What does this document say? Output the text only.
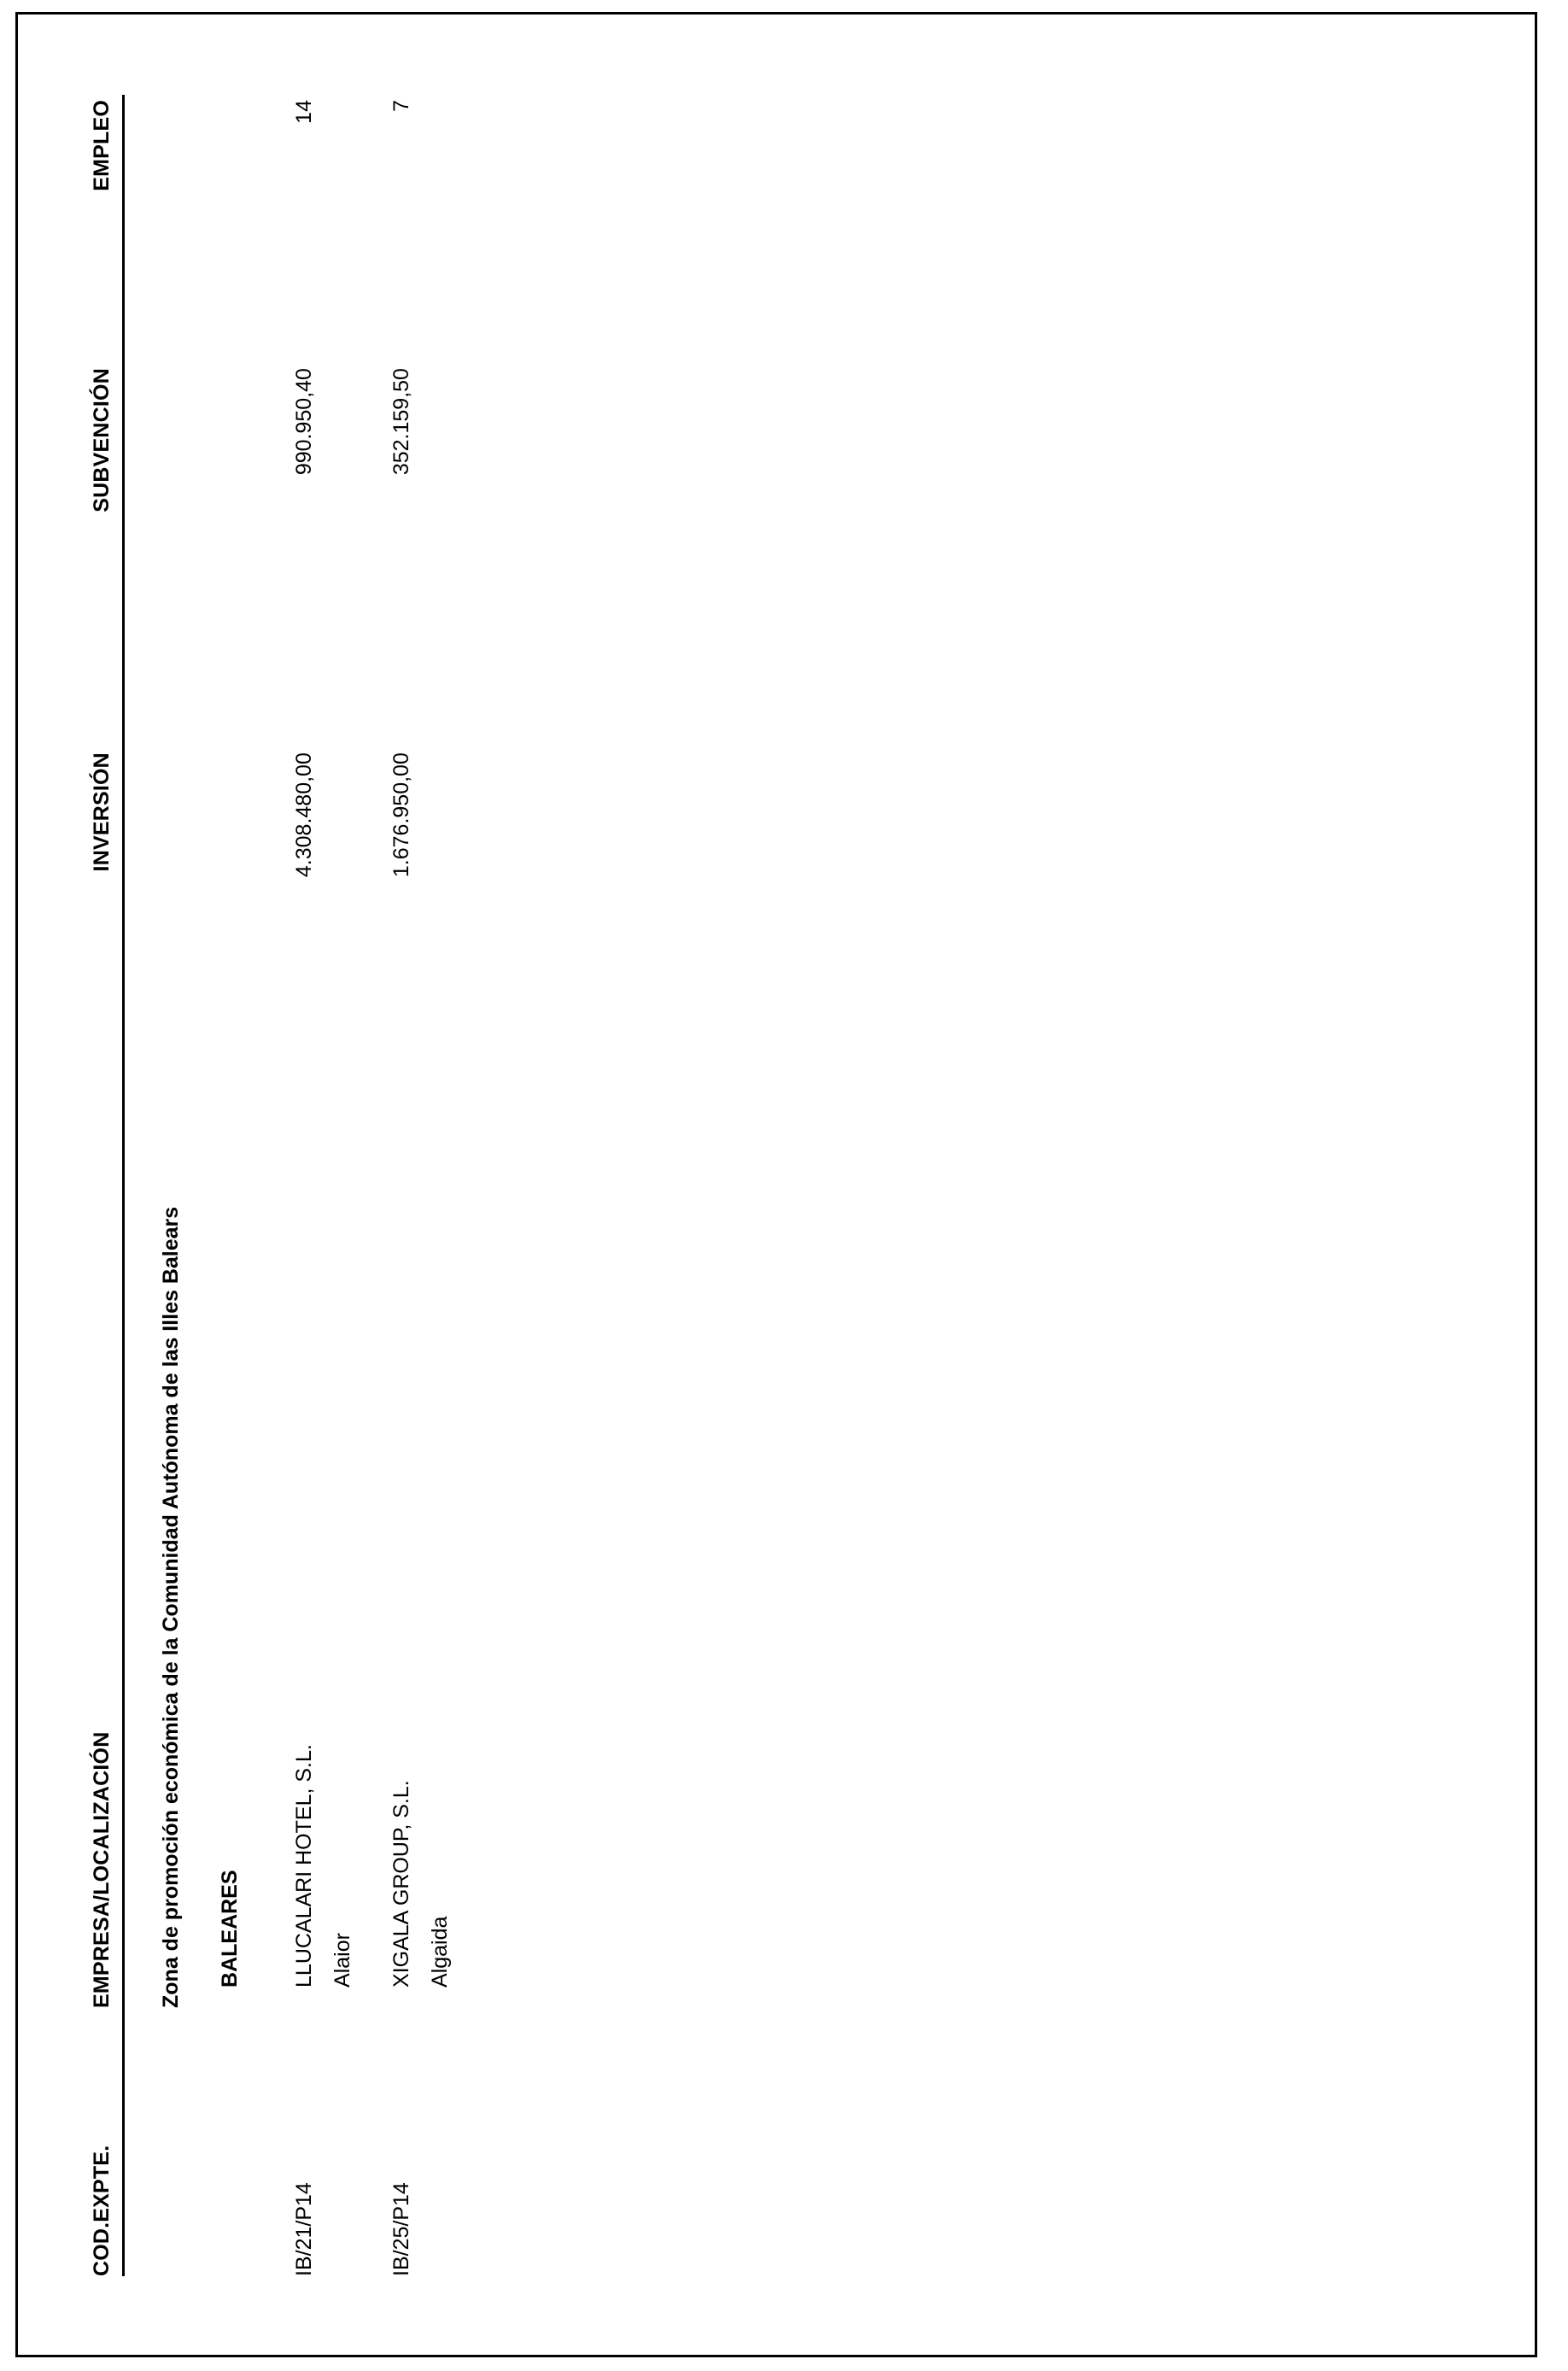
COD.EXPTE.	EMPRESA/LOCALIZACIÓN	INVERSIÓN	SUBVENCIÓN	EMPLEO
	Zona de promoción económica de la Comunidad Autónoma de las Illes Balears			

	BALEARES			

IB/21/P14	LLUCALARI HOTEL, S.L.	4.308.480,00	990.950,40	14

	Alaior			

IB/25/P14	XIGALA GROUP, S.L.	1.676.950,00	352.159,50	7

	Algaida			
